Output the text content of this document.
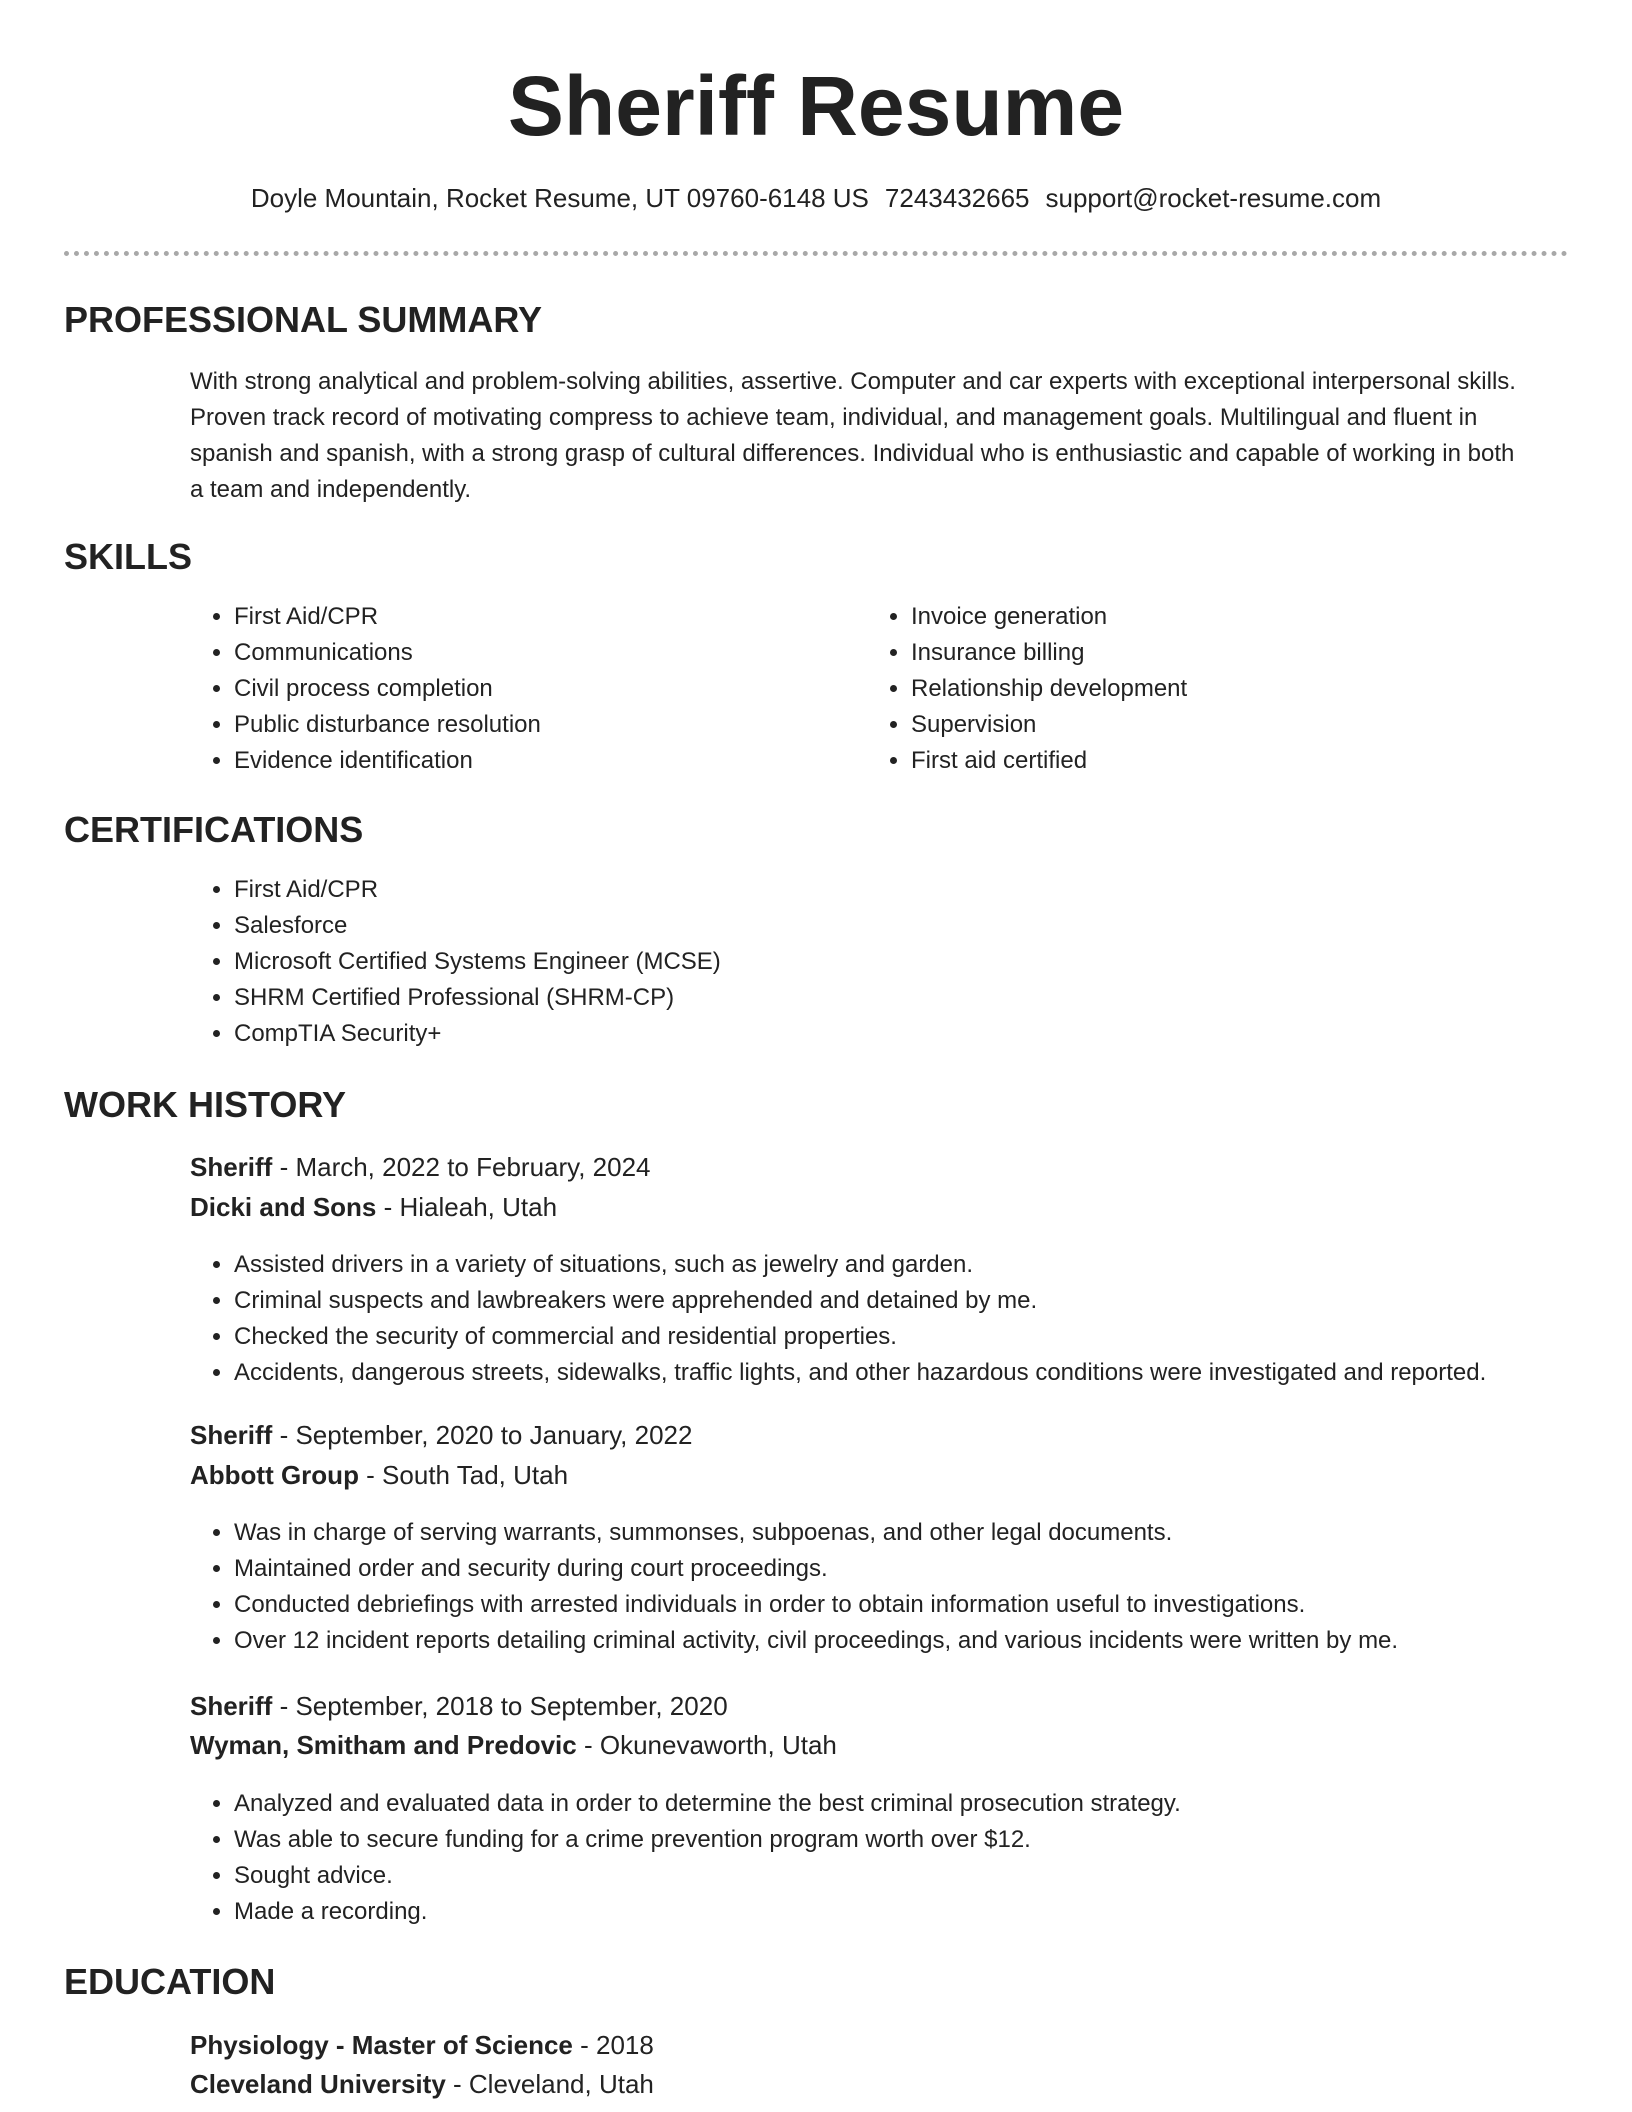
Sheriff Resume
Doyle Mountain, Rocket Resume, UT 09760-6148 US 7243432665 support@rocket-resume.com
PROFESSIONAL SUMMARY

With strong analytical and problem-solving abilities, assertive. Computer and car experts with exceptional interpersonal skills. Proven track record of motivating compress to achieve team, individual, and management goals. Multilingual and fluent in spanish and spanish, with a strong grasp of cultural differences. Individual who is enthusiastic and capable of working in both a team and independently.

SKILLS
• First Aid/CPR
• Communications
• Civil process completion
• Public disturbance resolution
• Evidence identification
• Invoice generation
• Insurance billing
• Relationship development
• Supervision
• First aid certified
CERTIFICATIONS
• First Aid/CPR
• Salesforce
• Microsoft Certified Systems Engineer (MCSE)
• SHRM Certified Professional (SHRM-CP)
• CompTIA Security+
WORK HISTORY
Sheriff - March, 2022 to February, 2024
Dicki and Sons - Hialeah, Utah
• Assisted drivers in a variety of situations, such as jewelry and garden.
• Criminal suspects and lawbreakers were apprehended and detained by me.
• Checked the security of commercial and residential properties.
• Accidents, dangerous streets, sidewalks, traffic lights, and other hazardous conditions were investigated and reported.
Sheriff - September, 2020 to January, 2022
Abbott Group - South Tad, Utah
• Was in charge of serving warrants, summonses, subpoenas, and other legal documents.
• Maintained order and security during court proceedings.
• Conducted debriefings with arrested individuals in order to obtain information useful to investigations.
• Over 12 incident reports detailing criminal activity, civil proceedings, and various incidents were written by me.
Sheriff - September, 2018 to September, 2020
Wyman, Smitham and Predovic - Okunevaworth, Utah
• Analyzed and evaluated data in order to determine the best criminal prosecution strategy.
• Was able to secure funding for a crime prevention program worth over $12.
• Sought advice.
• Made a recording.
EDUCATION
Physiology - Master of Science - 2018
Cleveland University - Cleveland, Utah
